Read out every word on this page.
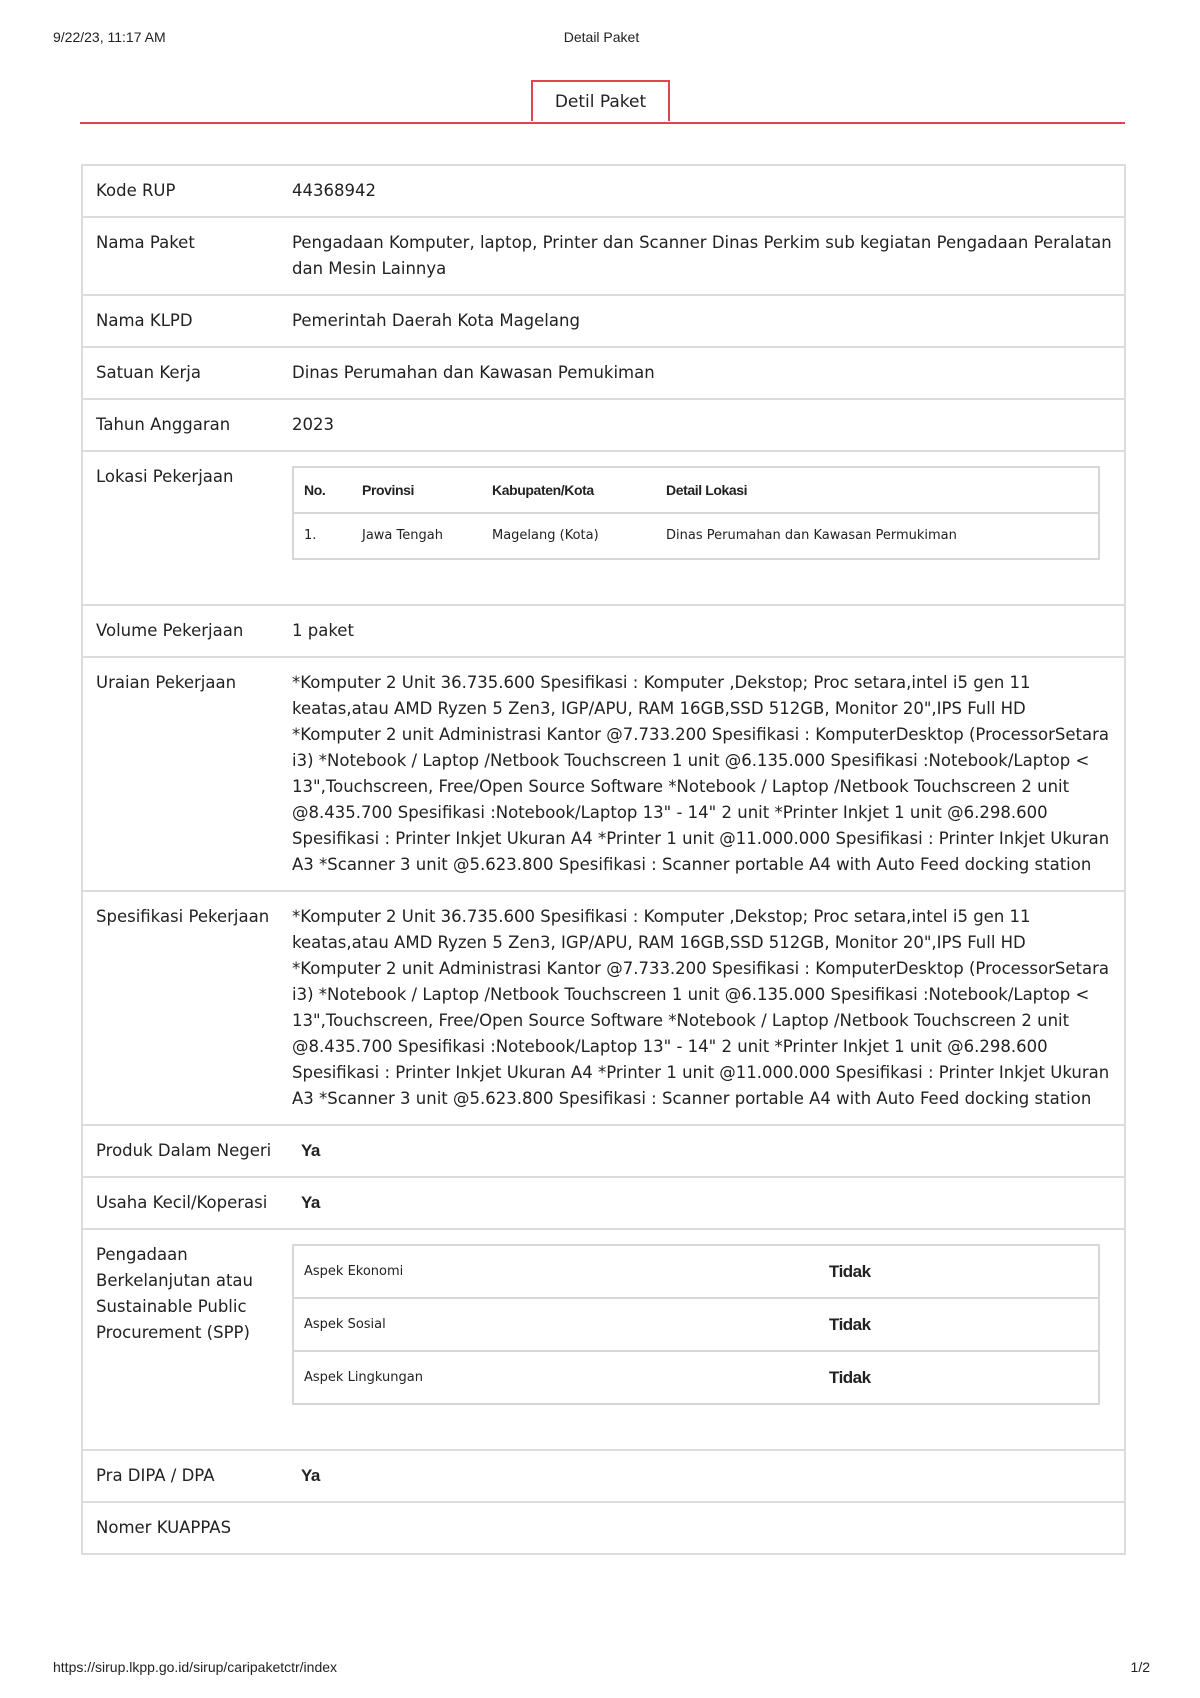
9/22/23, 11:17 AM	Detail Paket
Detil Paket
Kode RUP	44368942
Nama Paket	Pengadaan Komputer, laptop, Printer dan Scanner Dinas Perkim sub kegiatan Pengadaan Peralatan dan Mesin Lainnya
Nama KLPD	Pemerintah Daerah Kota Magelang
Satuan Kerja	Dinas Perumahan dan Kawasan Pemukiman
Tahun Anggaran	2023
Lokasi Pekerjaan
No.	Provinsi	Kabupaten/Kota	Detail Lokasi
1.	Jawa Tengah	Magelang (Kota)	Dinas Perumahan dan Kawasan Permukiman
Volume Pekerjaan	1 paket
Uraian Pekerjaan	*Komputer 2 Unit 36.735.600 Spesifikasi : Komputer ,Dekstop; Proc setara,intel i5 gen 11 keatas,atau AMD Ryzen 5 Zen3, IGP/APU, RAM 16GB,SSD 512GB, Monitor 20",IPS Full HD *Komputer 2 unit Administrasi Kantor @7.733.200 Spesifikasi : KomputerDesktop (ProcessorSetara i3) *Notebook / Laptop /Netbook Touchscreen 1 unit @6.135.000 Spesifikasi :Notebook/Laptop < 13",Touchscreen, Free/Open Source Software *Notebook / Laptop /Netbook Touchscreen 2 unit @8.435.700 Spesifikasi :Notebook/Laptop 13" - 14" 2 unit *Printer Inkjet 1 unit @6.298.600 Spesifikasi : Printer Inkjet Ukuran A4 *Printer 1 unit @11.000.000 Spesifikasi : Printer Inkjet Ukuran A3 *Scanner 3 unit @5.623.800 Spesifikasi : Scanner portable A4 with Auto Feed docking station
Spesifikasi Pekerjaan	*Komputer 2 Unit 36.735.600 Spesifikasi : Komputer ,Dekstop; Proc setara,intel i5 gen 11 keatas,atau AMD Ryzen 5 Zen3, IGP/APU, RAM 16GB,SSD 512GB, Monitor 20",IPS Full HD *Komputer 2 unit Administrasi Kantor @7.733.200 Spesifikasi : KomputerDesktop (ProcessorSetara i3) *Notebook / Laptop /Netbook Touchscreen 1 unit @6.135.000 Spesifikasi :Notebook/Laptop < 13",Touchscreen, Free/Open Source Software *Notebook / Laptop /Netbook Touchscreen 2 unit @8.435.700 Spesifikasi :Notebook/Laptop 13" - 14" 2 unit *Printer Inkjet 1 unit @6.298.600 Spesifikasi : Printer Inkjet Ukuran A4 *Printer 1 unit @11.000.000 Spesifikasi : Printer Inkjet Ukuran A3 *Scanner 3 unit @5.623.800 Spesifikasi : Scanner portable A4 with Auto Feed docking station
Produk Dalam Negeri	Ya
Usaha Kecil/Koperasi	Ya
Pengadaan Berkelanjutan atau Sustainable Public Procurement (SPP)
Aspek Ekonomi	Tidak
Aspek Sosial	Tidak
Aspek Lingkungan	Tidak
Pra DIPA / DPA	Ya
Nomer KUAPPAS
https://sirup.lkpp.go.id/sirup/caripaketctr/index	1/2
